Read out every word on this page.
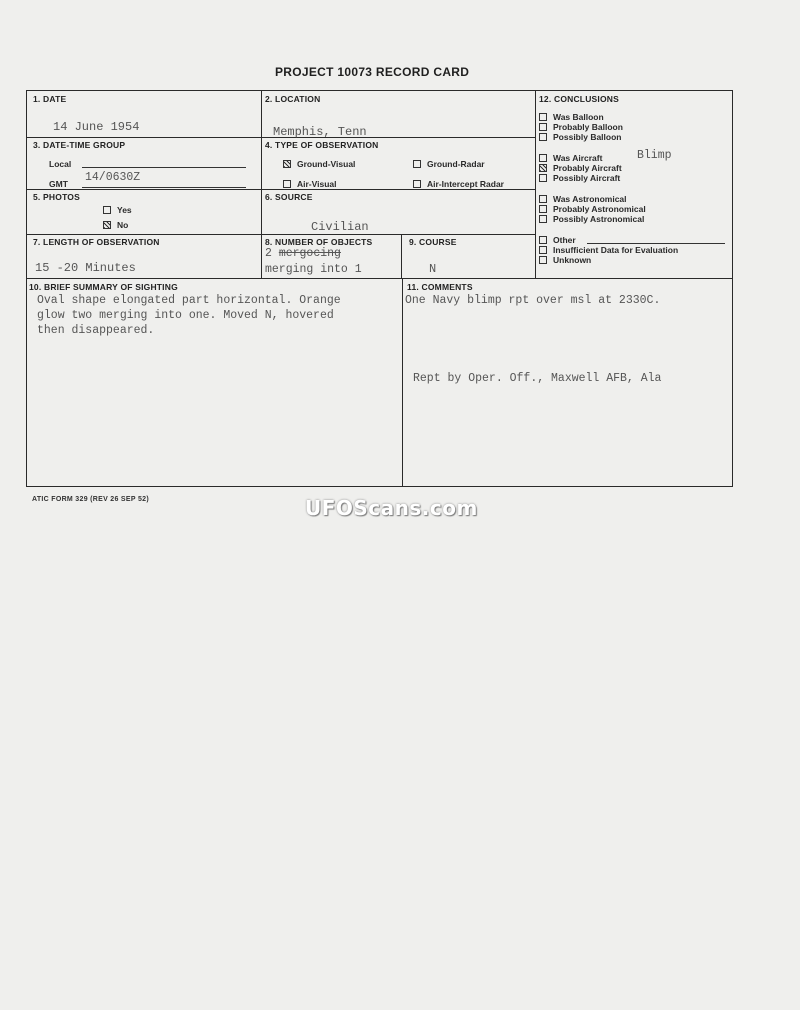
PROJECT 10073 RECORD CARD
1. DATE
14 June 1954
2. LOCATION
Memphis, Tenn
3. DATE-TIME GROUP
Local
GMT 14/0630Z
4. TYPE OF OBSERVATION
Ground-Visual	Ground-Radar
Air-Visual	Air-Intercept Radar
5. PHOTOS
Yes
No
6. SOURCE
Civilian
7. LENGTH OF OBSERVATION
15 -20 Minutes
8. NUMBER OF OBJECTS
2 mergocing
merging into 1
9. COURSE
N
10. BRIEF SUMMARY OF SIGHTING
Oval shape elongated part horizontal. Orange
glow two merging into one. Moved N, hovered
then disappeared.
11. COMMENTS
One Navy blimp rpt over msl at 2330C.
Rept by Oper. Off., Maxwell AFB, Ala
12. CONCLUSIONS
Was Balloon
Probably Balloon
Possibly Balloon
Was Aircraft	Blimp
Probably Aircraft
Possibly Aircraft
Was Astronomical
Probably Astronomical
Possibly Astronomical
Other
Insufficient Data for Evaluation
Unknown
ATIC FORM 329 (REV 26 SEP 52)	UFOScans.com
